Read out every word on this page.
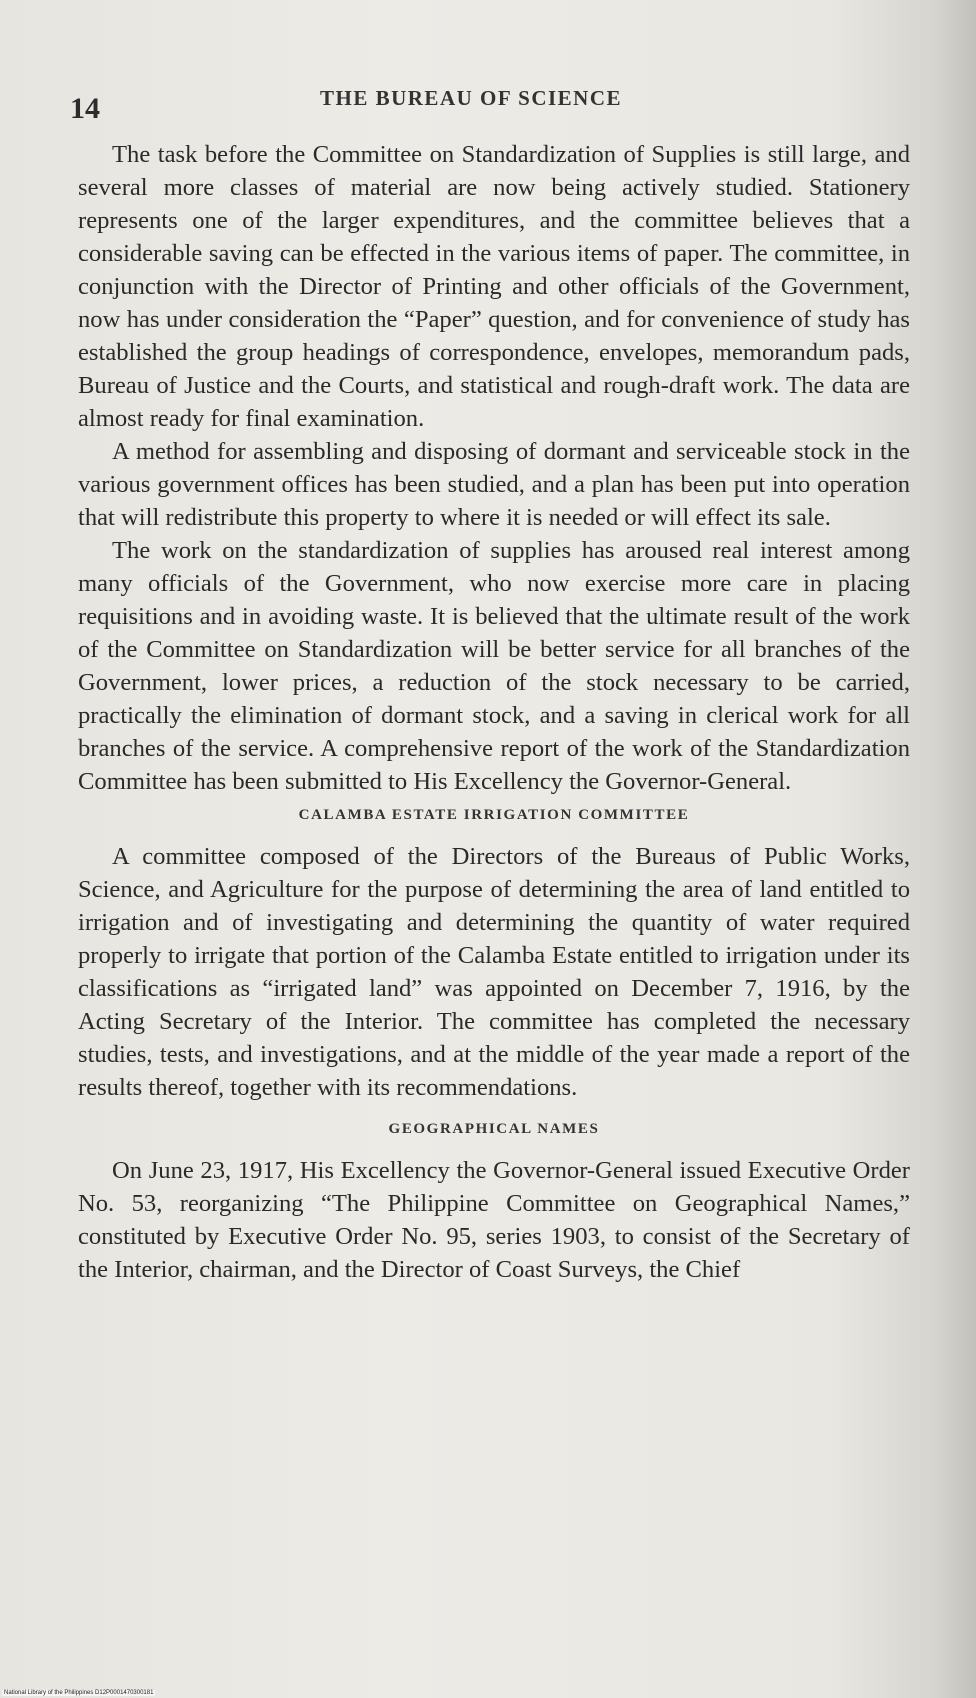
14	THE BUREAU OF SCIENCE

The task before the Committee on Standardization of Supplies is still large, and several more classes of material are now being actively studied. Stationery represents one of the larger expenditures, and the committee believes that a considerable saving can be effected in the various items of paper. The committee, in conjunction with the Director of Printing and other officials of the Government, now has under consideration the “Paper” question, and for convenience of study has established the group headings of correspondence, envelopes, memorandum pads, Bureau of Justice and the Courts, and statistical and rough-draft work. The data are almost ready for final examination.

A method for assembling and disposing of dormant and serviceable stock in the various government offices has been studied, and a plan has been put into operation that will redistribute this property to where it is needed or will effect its sale.

The work on the standardization of supplies has aroused real interest among many officials of the Government, who now exercise more care in placing requisitions and in avoiding waste. It is believed that the ultimate result of the work of the Committee on Standardization will be better service for all branches of the Government, lower prices, a reduction of the stock necessary to be carried, practically the elimination of dormant stock, and a saving in clerical work for all branches of the service. A comprehensive report of the work of the Standardization Committee has been submitted to His Excellency the Governor-General.

CALAMBA ESTATE IRRIGATION COMMITTEE

A committee composed of the Directors of the Bureaus of Public Works, Science, and Agriculture for the purpose of determining the area of land entitled to irrigation and of investigating and determining the quantity of water required properly to irrigate that portion of the Calamba Estate entitled to irrigation under its classifications as “irrigated land” was appointed on December 7, 1916, by the Acting Secretary of the Interior. The committee has completed the necessary studies, tests, and investigations, and at the middle of the year made a report of the results thereof, together with its recommendations.

GEOGRAPHICAL NAMES

On June 23, 1917, His Excellency the Governor-General issued Executive Order No. 53, reorganizing “The Philippine Committee on Geographical Names,” constituted by Executive Order No. 95, series 1903, to consist of the Secretary of the Interior, chairman, and the Director of Coast Surveys, the Chief

National Library of the Philippines D12P0001470300181
